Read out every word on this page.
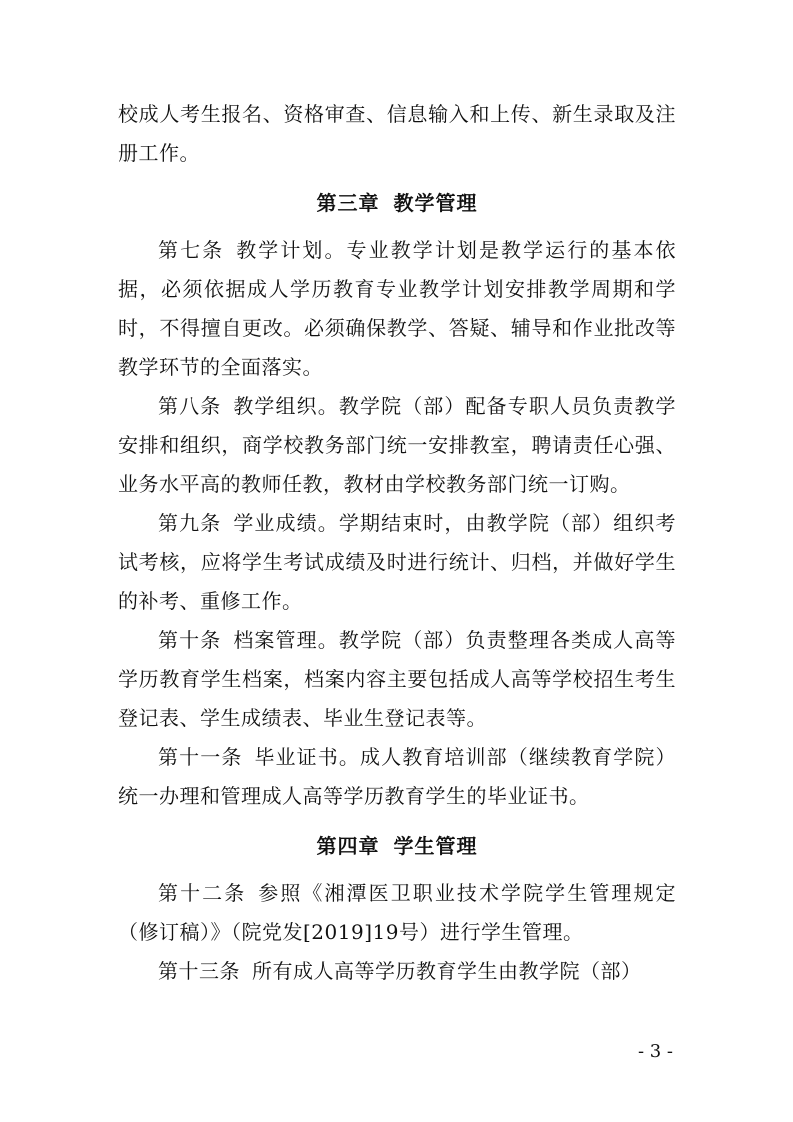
校成人考生报名、资格审查、信息输入和上传、新生录取及注册工作。

第三章 教学管理

第七条 教学计划。专业教学计划是教学运行的基本依据，必须依据成人学历教育专业教学计划安排教学周期和学时，不得擅自更改。必须确保教学、答疑、辅导和作业批改等教学环节的全面落实。

第八条 教学组织。教学院（部）配备专职人员负责教学安排和组织，商学校教务部门统一安排教室，聘请责任心强、业务水平高的教师任教，教材由学校教务部门统一订购。

第九条 学业成绩。学期结束时，由教学院（部）组织考试考核，应将学生考试成绩及时进行统计、归档，并做好学生的补考、重修工作。

第十条 档案管理。教学院（部）负责整理各类成人高等学历教育学生档案，档案内容主要包括成人高等学校招生考生登记表、学生成绩表、毕业生登记表等。

第十一条 毕业证书。成人教育培训部（继续教育学院）统一办理和管理成人高等学历教育学生的毕业证书。

第四章 学生管理

第十二条 参照《湘潭医卫职业技术学院学生管理规定（修订稿）》（院党发[2019]19号）进行学生管理。

第十三条 所有成人高等学历教育学生由教学院（部）

- 3 -
